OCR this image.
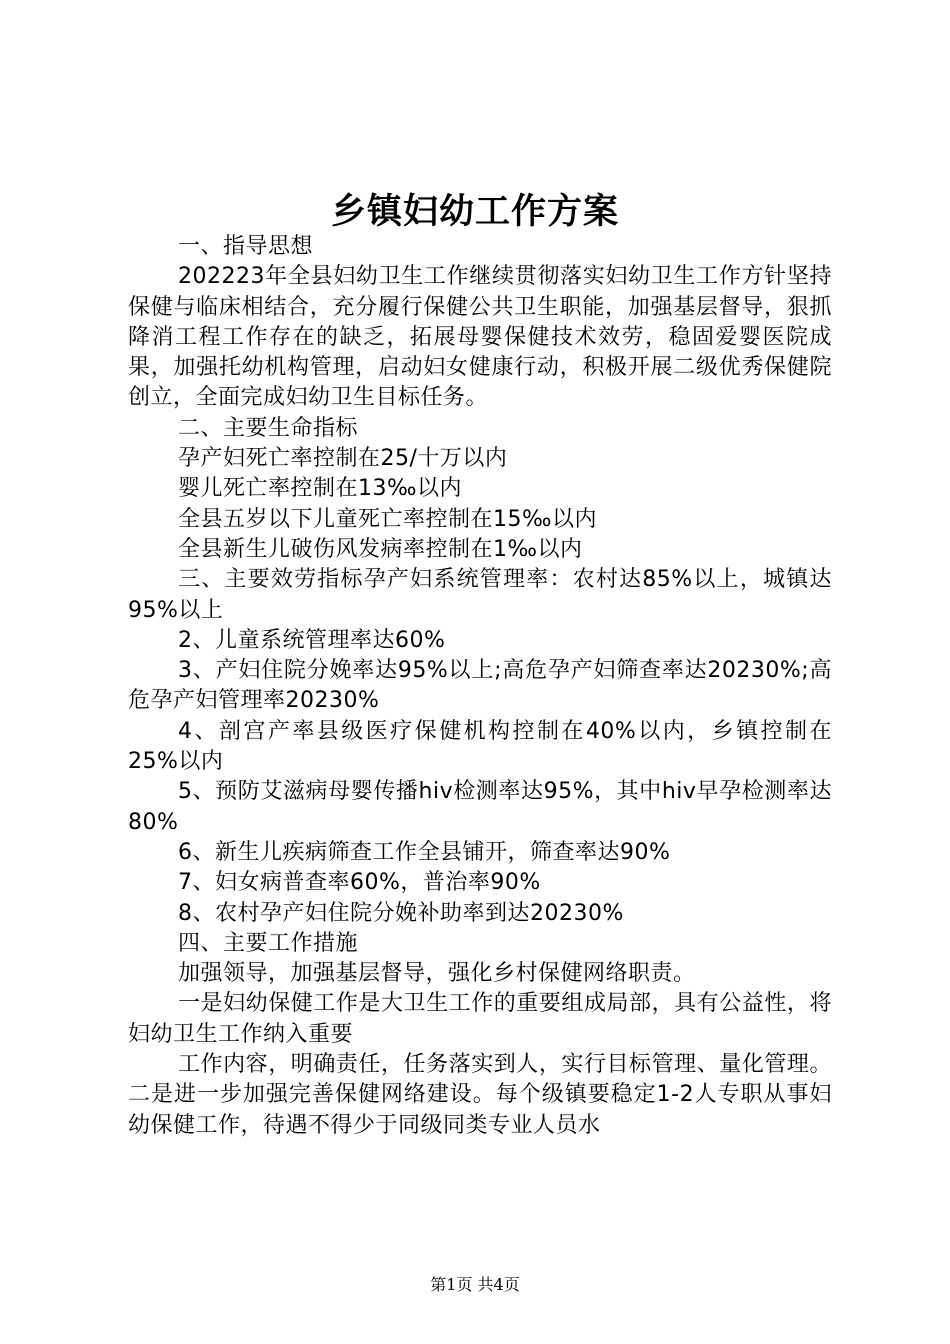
乡镇妇幼工作方案

一、指导思想

202223年全县妇幼卫生工作继续贯彻落实妇幼卫生工作方针坚持保健与临床相结合，充分履行保健公共卫生职能，加强基层督导，狠抓降消工程工作存在的缺乏，拓展母婴保健技术效劳，稳固爱婴医院成果，加强托幼机构管理，启动妇女健康行动，积极开展二级优秀保健院创立，全面完成妇幼卫生目标任务。

二、主要生命指标

孕产妇死亡率控制在25/十万以内

婴儿死亡率控制在13‰以内

全县五岁以下儿童死亡率控制在15‰以内

全县新生儿破伤风发病率控制在1‰以内

三、主要效劳指标孕产妇系统管理率：农村达85%以上，城镇达95%以上

2、儿童系统管理率达60%

3、产妇住院分娩率达95%以上;高危孕产妇筛查率达20230%;高危孕产妇管理率20230%

4、剖宫产率县级医疗保健机构控制在40%以内，乡镇控制在25%以内

5、预防艾滋病母婴传播hiv检测率达95%，其中hiv早孕检测率达80%

6、新生儿疾病筛查工作全县铺开，筛查率达90%

7、妇女病普查率60%，普治率90%

8、农村孕产妇住院分娩补助率到达20230%

四、主要工作措施

加强领导，加强基层督导，强化乡村保健网络职责。

一是妇幼保健工作是大卫生工作的重要组成局部，具有公益性，将妇幼卫生工作纳入重要

工作内容，明确责任，任务落实到人，实行目标管理、量化管理。二是进一步加强完善保健网络建设。每个级镇要稳定1-2人专职从事妇幼保健工作，待遇不得少于同级同类专业人员水

第1页 共4页
